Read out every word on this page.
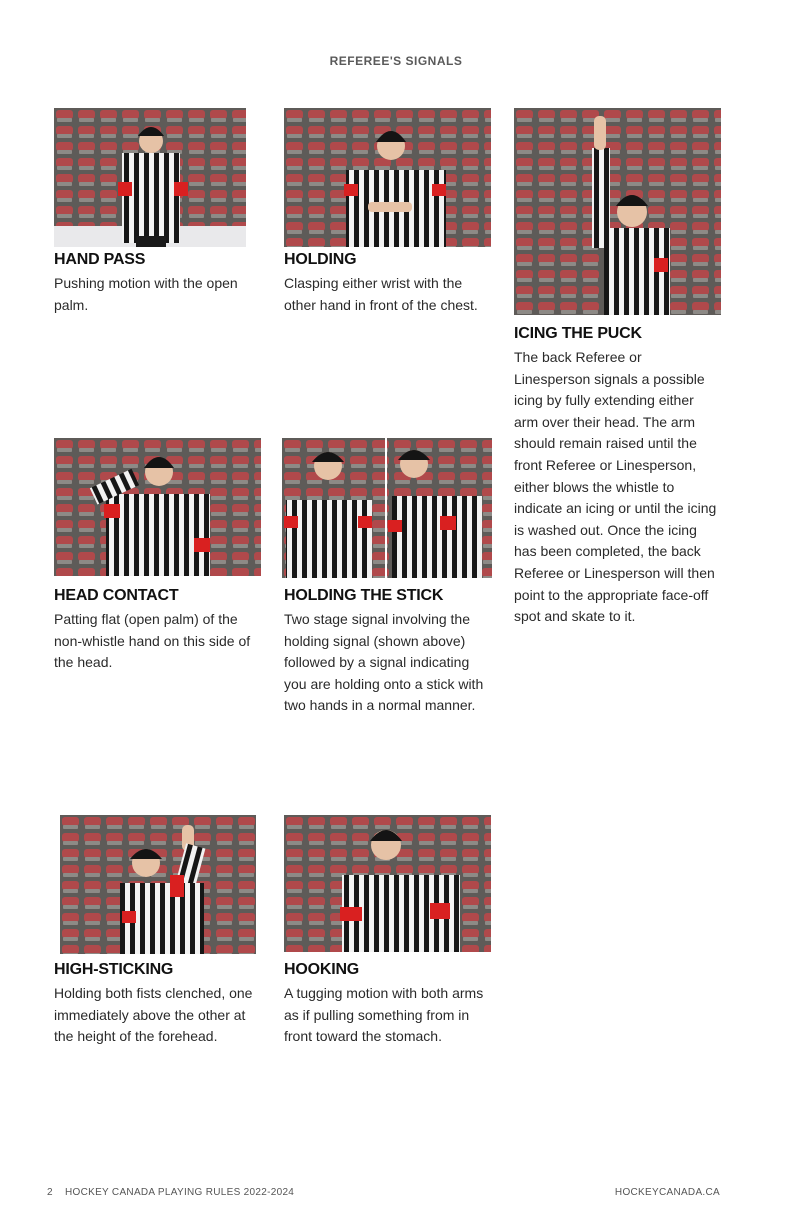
REFEREE'S SIGNALS
HAND PASS
Pushing motion with the open palm.
HOLDING
Clasping either wrist with the other hand in front of the chest.
ICING THE PUCK
The back Referee or Linesperson signals a possible icing by fully extending either arm over their head. The arm should remain raised until the front Referee or Linesperson, either blows the whistle to indicate an icing or until the icing is washed out. Once the icing has been completed, the back Referee or Linesperson will then point to the appropriate face-off spot and skate to it.
HEAD CONTACT
Patting flat (open palm) of the non-whistle hand on this side of the head.
HOLDING THE STICK
Two stage signal involving the holding signal (shown above) followed by a signal indicating you are holding onto a stick with two hands in a normal manner.
HIGH-STICKING
Holding both fists clenched, one immediately above the other at the height of the forehead.
HOOKING
A tugging motion with both arms as if pulling something from in front toward the stomach.
2 HOCKEY CANADA PLAYING RULES 2022-2024	HOCKEYCANADA.CA
